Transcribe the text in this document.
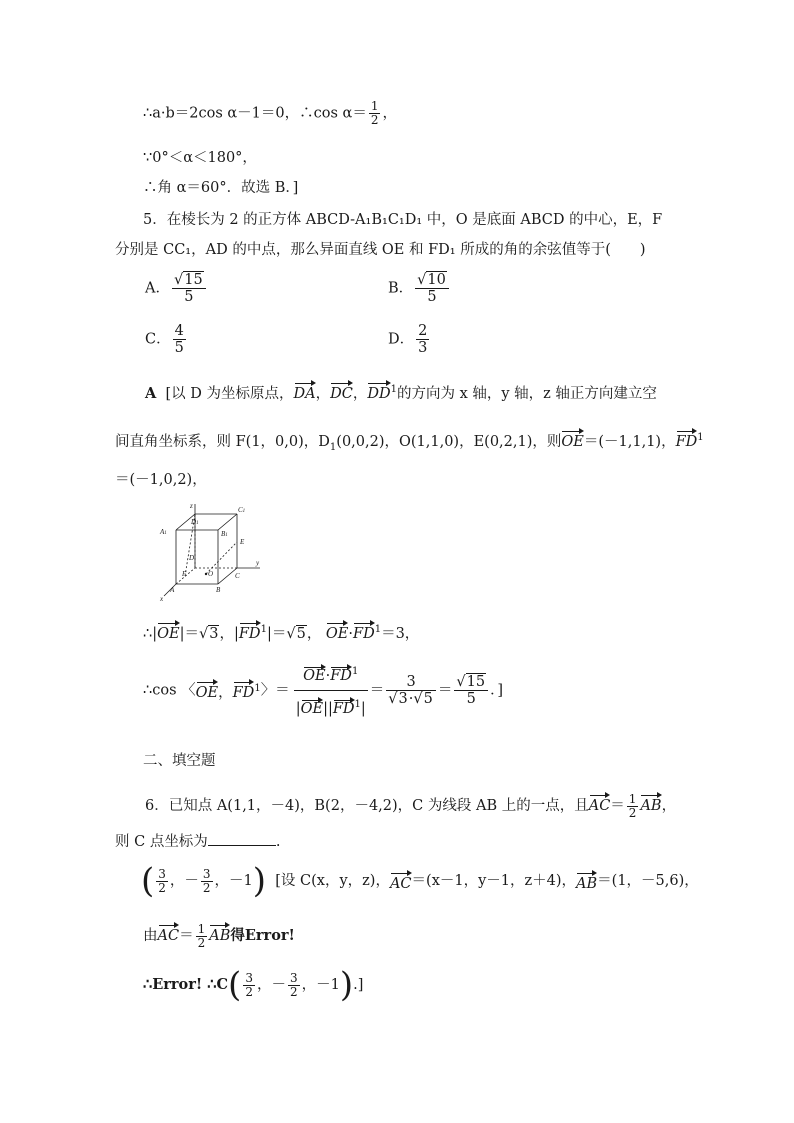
∴a·b＝2cos α－1＝0，∴cos $\alpha= \frac{1}{2}$ ，
∵0°＜α＜180°，
∴角 α＝60°．故选 B．]
5．在棱长为 2 的正方体 ABCD-A₁B₁C₁D₁ 中，O 是底面 ABCD 的中心，E，F
分别是 CC₁，AD 的中点，那么异面直线 OE 和 FD₁ 所成的角的余弦值等于(　　)
A． $\frac{√15}{5}$	B． $\frac{√10}{5}$
C． $\frac{4}{5}$	D． $\frac{2}{3}$
A [以 D 为坐标原点，DA，DC，$DD^1$的方向为 x 轴，y 轴，z 轴正方向建立空
间直角坐标系，则 F(1，0,0)，$D_1(0,0,2)$，O(1,1,0)，E(0,2,1)，则OE＝(－1,1,1)，$FD^1$
＝(－1,0,2)，
z
D1
C1
A1	B1
E
D
C
y
F	O
A	B
x
∴|OE|＝√3，$|FD^1|=√5$， $OE\cdot FD^1=3$，
∴cos 〈OE，$FD^1$〉＝ $\frac{OE\cdot FD^1}{|OE||FD^1|} = \frac{3}{√3\cdot√5} = \frac{√15}{5}$ ．]
二、填空题
6．已知点 A(1,1，－4)，B(2，－4,2)，C 为线段 AB 上的一点，且$AC= \frac{1}{2}$ AB，
则 C 点坐标为	.
( $\frac{3}{2}$ ，－ $\frac{3}{2}$ ，－1) [设 C(x，y，z)，AC＝(x－1，y－1，z＋4)，AB＝(1，－5,6)，
由$AC= \frac{1}{2}$ AB得Error!
∴Error! ∴C( $\frac{3}{2}$ ，－ $\frac{3}{2}$ ，－1).]
